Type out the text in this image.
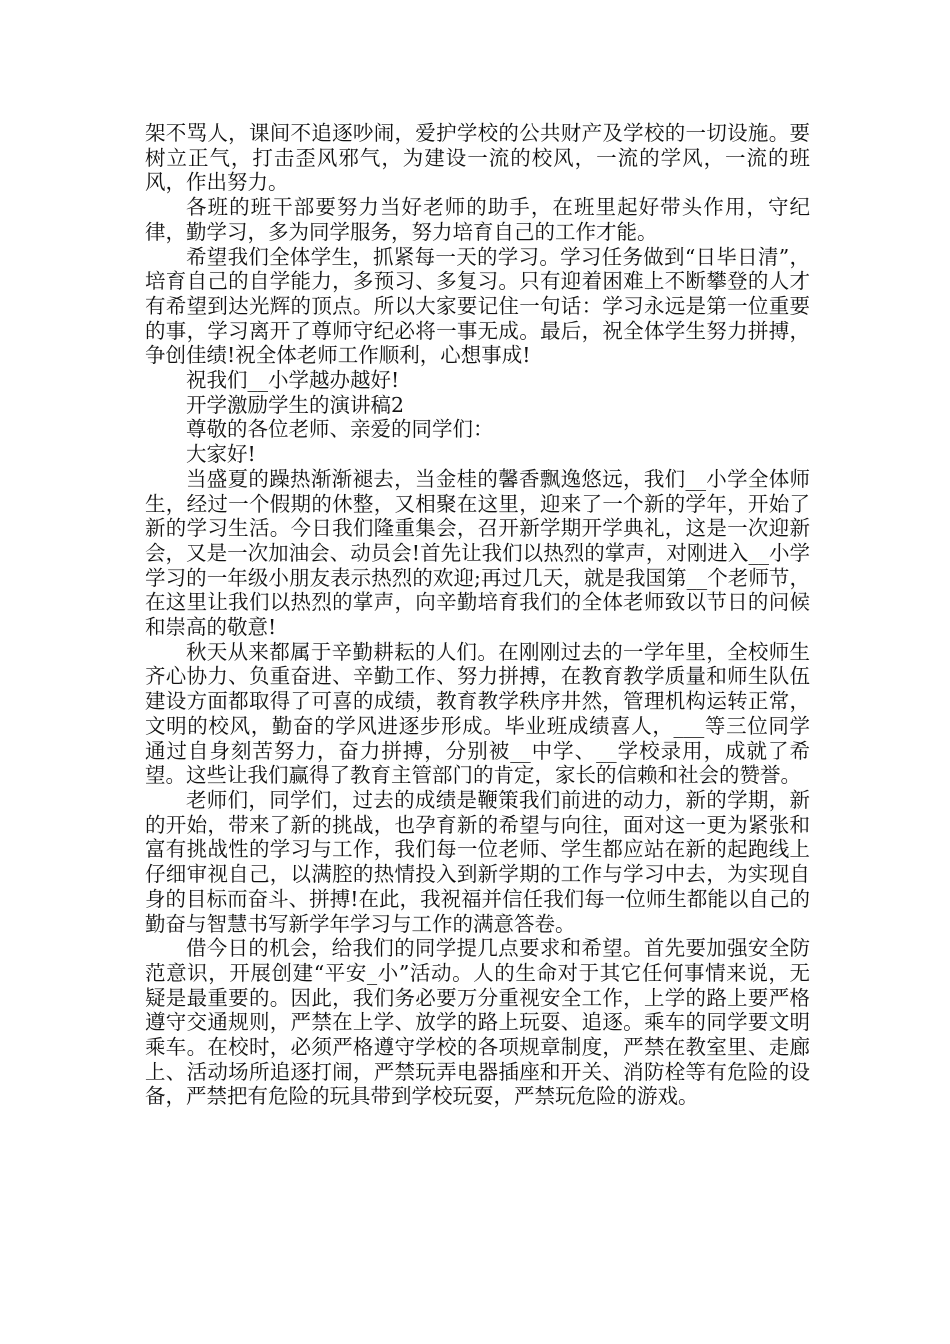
架不骂人，课间不追逐吵闹，爱护学校的公共财产及学校的一切设施。要树立正气，打击歪风邪气，为建设一流的校风，一流的学风，一流的班风，作出努力。

各班的班干部要努力当好老师的助手，在班里起好带头作用，守纪律，勤学习，多为同学服务，努力培育自己的工作才能。

希望我们全体学生，抓紧每一天的学习。学习任务做到“日毕日清”，培育自己的自学能力，多预习、多复习。只有迎着困难上不断攀登的人才有希望到达光辉的顶点。所以大家要记住一句话：学习永远是第一位重要的事，学习离开了尊师守纪必将一事无成。最后，祝全体学生努力拼搏，争创佳绩!祝全体老师工作顺利，心想事成!

祝我们__小学越办越好!

开学激励学生的演讲稿2

尊敬的各位老师、亲爱的同学们：

大家好!

当盛夏的躁热渐渐褪去，当金桂的馨香飘逸悠远，我们__小学全体师生，经过一个假期的休整，又相聚在这里，迎来了一个新的学年，开始了新的学习生活。今日我们隆重集会，召开新学期开学典礼，这是一次迎新会，又是一次加油会、动员会!首先让我们以热烈的掌声，对刚进入__小学学习的一年级小朋友表示热烈的欢迎;再过几天，就是我国第__个老师节，在这里让我们以热烈的掌声，向辛勤培育我们的全体老师致以节日的问候和崇高的敬意!

秋天从来都属于辛勤耕耘的人们。在刚刚过去的一学年里，全校师生齐心协力、负重奋进、辛勤工作、努力拼搏，在教育教学质量和师生队伍建设方面都取得了可喜的成绩，教育教学秩序井然，管理机构运转正常，文明的校风，勤奋的学风进逐步形成。毕业班成绩喜人，___等三位同学通过自身刻苦努力，奋力拼搏，分别被__中学、__学校录用，成就了希望。这些让我们赢得了教育主管部门的肯定，家长的信赖和社会的赞誉。

老师们，同学们，过去的成绩是鞭策我们前进的动力，新的学期，新的开始，带来了新的挑战，也孕育新的希望与向往，面对这一更为紧张和富有挑战性的学习与工作，我们每一位老师、学生都应站在新的起跑线上仔细审视自己，以满腔的热情投入到新学期的工作与学习中去，为实现自身的目标而奋斗、拼搏!在此，我祝福并信任我们每一位师生都能以自己的勤奋与智慧书写新学年学习与工作的满意答卷。

借今日的机会，给我们的同学提几点要求和希望。首先要加强安全防范意识，开展创建“平安_小”活动。人的生命对于其它任何事情来说，无疑是最重要的。因此，我们务必要万分重视安全工作，上学的路上要严格遵守交通规则，严禁在上学、放学的路上玩耍、追逐。乘车的同学要文明乘车。在校时，必须严格遵守学校的各项规章制度，严禁在教室里、走廊上、活动场所追逐打闹，严禁玩弄电器插座和开关、消防栓等有危险的设备，严禁把有危险的玩具带到学校玩耍，严禁玩危险的游戏。
